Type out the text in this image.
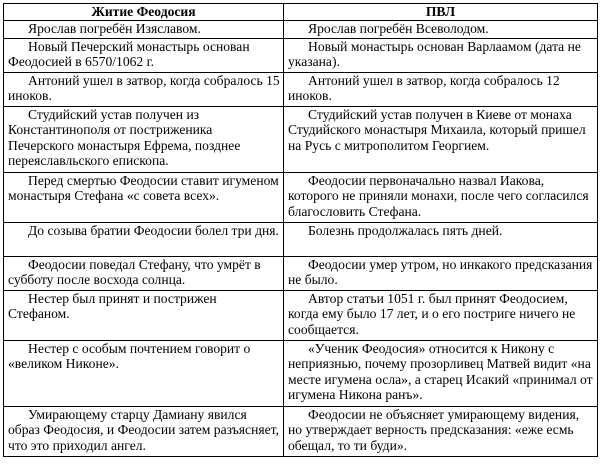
Житие Феодосия	ПВЛ
Ярослав погребён Изяславом.	Ярослав погребён Всеволодом.
Новый Печерский монастырь основан Феодосией в 6570/1062 г.	Новый монастырь основан Варлаамом (дата не указана).
Антоний ушел в затвор, когда собралось 15 иноков.	Антоний ушел в затвор, когда собралось 12 иноков.
Студийский устав получен из Константинополя от постриженика Печерского монастыря Ефрема, позднее переяславльского епископа.	Студийский устав получен в Киеве от монаха Студийского монастыря Михаила, который пришел на Русь с митрополитом Георгием.
Перед смертью Феодосии ставит игуменом монастыря Стефана «с совета всех».	Феодосии первоначально назвал Иакова, которого не приняли монахи, после чего согласился благословить Стефана.
До созыва братии Феодосии болел три дня.	Болезнь продолжалась пять дней.
Феодосии поведал Стефану, что умрёт в субботу после восхода солнца.	Феодосии умер утром, но инкакого предсказания не было.
Нестер был принят и пострижен Стефаном.	Автор статьи 1051 г. был принят Феодосием, когда ему было 17 лет, и о его постриге ничего не сообщается.
Нестер с особым почтением говорит о «великом Никоне».	«Ученик Феодосия» относится к Никону с неприязнью, почему прозорливец Матвей видит «на месте игумена осла», а старец Исакий «принимал от игумена Никона ранъ».
Умирающему старцу Дамиану явился образ Феодосия, и Феодосии затем разъясняет, что это приходил ангел.	Феодосии не объясняет умирающему видения, но утверждает верность предсказания: «еже есмь обещал, то ти буди».
